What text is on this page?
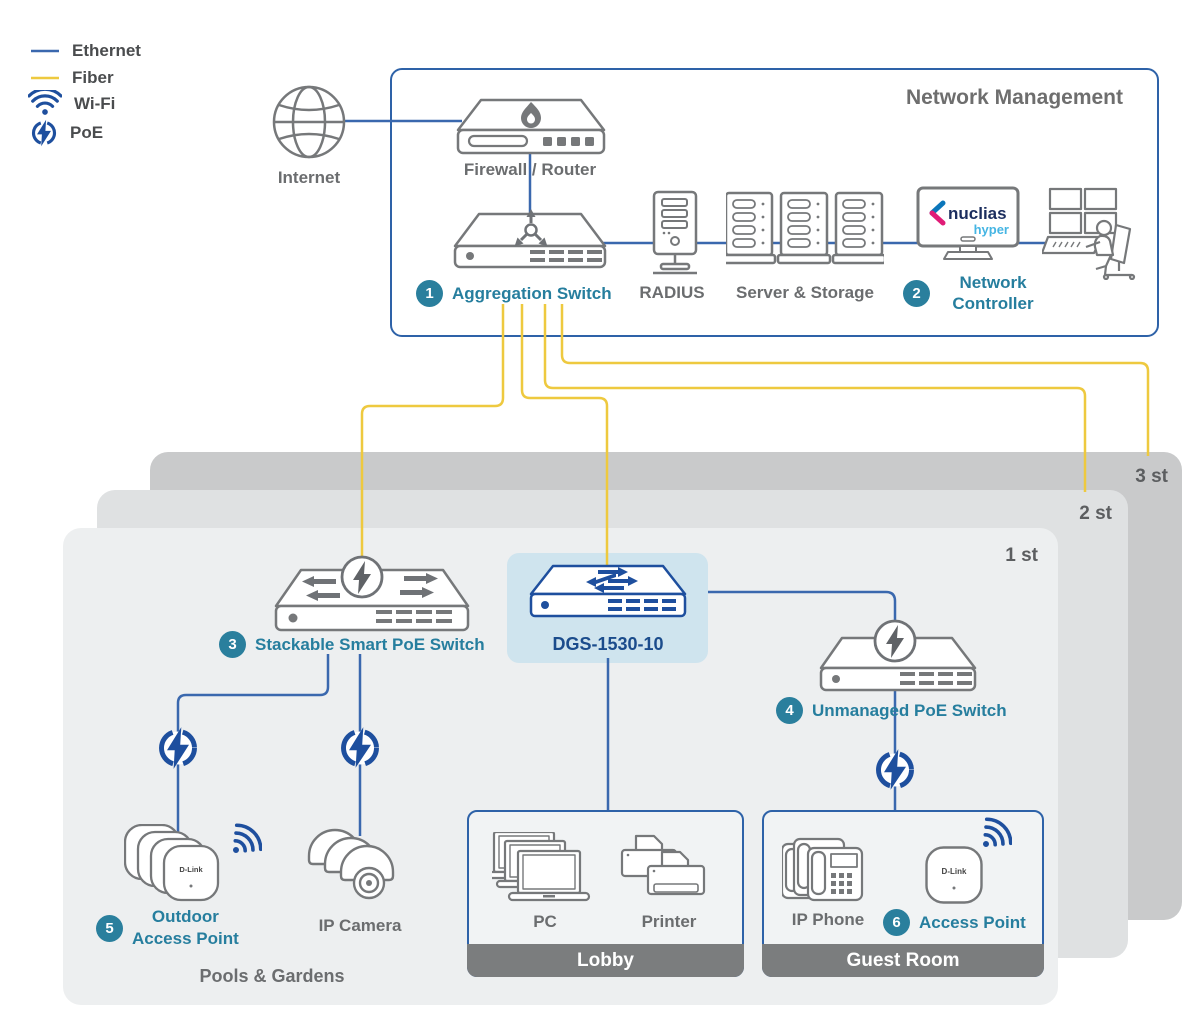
3 st
2 st
1 st
Network Management
Lobby	Guest Room
Ethernet
Fiber
Wi-Fi
PoE
Internet	Firewall / Router
1	Aggregation Switch	RADIUS	Server & Storage
nuclias
hyper
2
Network
Controller
3	Stackable Smart PoE Switch	DGS-1530-10
4	Unmanaged PoE Switch
D-Link
5
Outdoor
Access Point
IP Camera	PC	Printer	IP Phone
D-Link
6	Access Point
Pools & Gardens
